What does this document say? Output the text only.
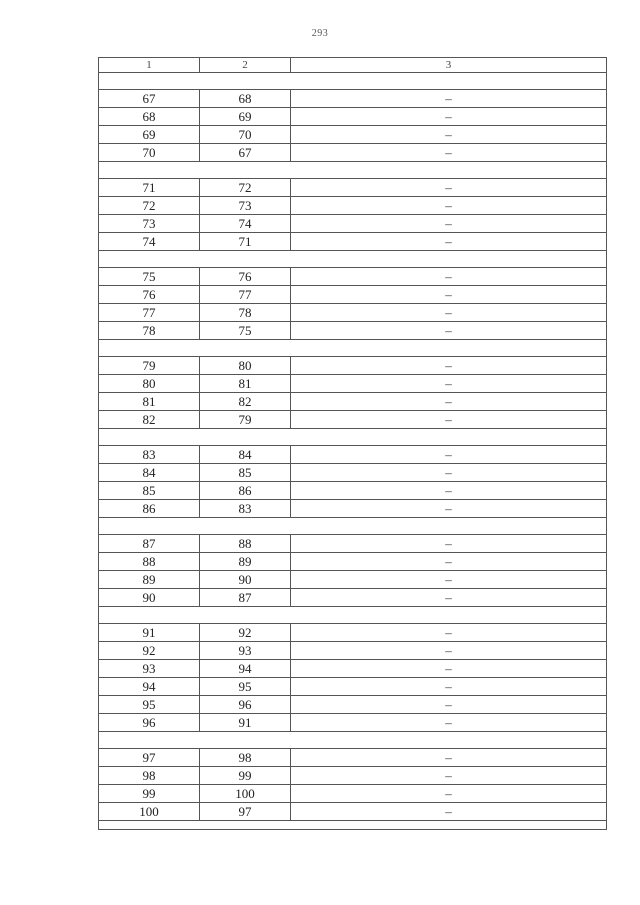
293
1	2	3

67	68	–
68	69	–
69	70	–
70	67	–

71	72	–
72	73	–
73	74	–
74	71	–

75	76	–
76	77	–
77	78	–
78	75	–

79	80	–
80	81	–
81	82	–
82	79	–

83	84	–
84	85	–
85	86	–
86	83	–

87	88	–
88	89	–
89	90	–
90	87	–

91	92	–
92	93	–
93	94	–
94	95	–
95	96	–
96	91	–

97	98	–
98	99	–
99	100	–
100	97	–
